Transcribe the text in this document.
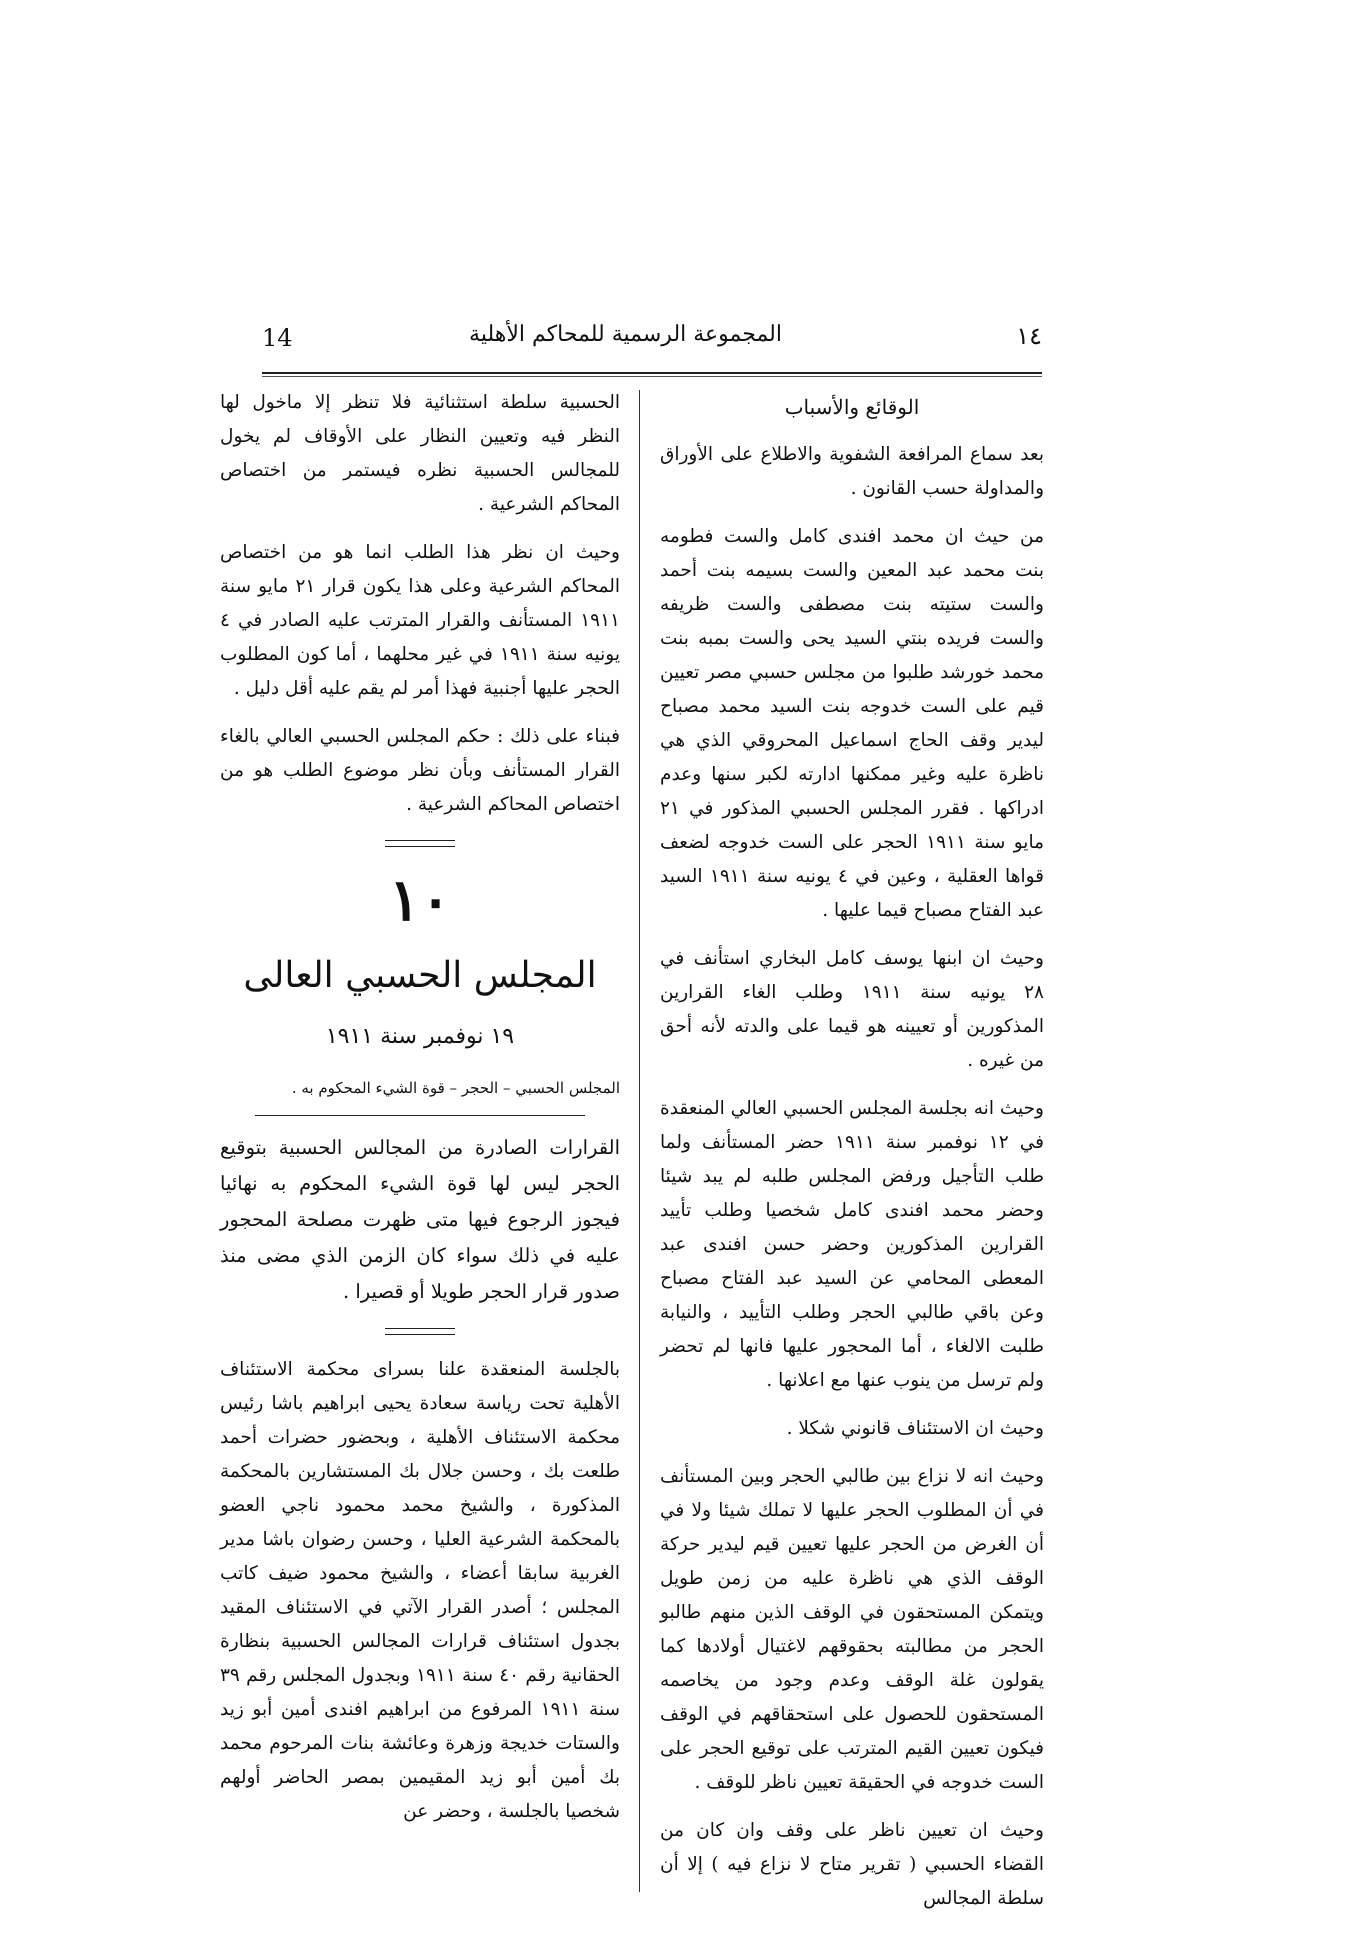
14	المجموعة الرسمية للمحاكم الأهلية	١٤

الوقائع والأسباب

بعد سماع المرافعة الشفوية والاطلاع على الأوراق والمداولة حسب القانون .

من حيث ان محمد افندى كامل والست فطومه بنت محمد عبد المعين والست بسيمه بنت أحمد والست ستيته بنت مصطفى والست ظريفه والست فريده بنتي السيد يحى والست بمبه بنت محمد خورشد طلبوا من مجلس حسبي مصر تعيين قيم على الست خدوجه بنت السيد محمد مصباح ليدير وقف الحاج اسماعيل المحروقي الذي هي ناظرة عليه وغير ممكنها ادارته لكبر سنها وعدم ادراكها . فقرر المجلس الحسبي المذكور في ٢١ مايو سنة ١٩١١ الحجر على الست خدوجه لضعف قواها العقلية ، وعين في ٤ يونيه سنة ١٩١١ السيد عبد الفتاح مصباح قيما عليها .

وحيث ان ابنها يوسف كامل البخاري استأنف في ٢٨ يونيه سنة ١٩١١ وطلب الغاء القرارين المذكورين أو تعيينه هو قيما على والدته لأنه أحق من غيره .

وحيث انه بجلسة المجلس الحسبي العالي المنعقدة في ١٢ نوفمبر سنة ١٩١١ حضر المستأنف ولما طلب التأجيل ورفض المجلس طلبه لم يبد شيئا وحضر محمد افندى كامل شخصيا وطلب تأييد القرارين المذكورين وحضر حسن افندى عبد المعطى المحامي عن السيد عبد الفتاح مصباح وعن باقي طالبي الحجر وطلب التأييد ، والنيابة طلبت الالغاء ، أما المحجور عليها فانها لم تحضر ولم ترسل من ينوب عنها مع اعلانها .

وحيث ان الاستئناف قانوني شكلا .

وحيث انه لا نزاع بين طالبي الحجر وبين المستأنف في أن المطلوب الحجر عليها لا تملك شيئا ولا في أن الغرض من الحجر عليها تعيين قيم ليدير حركة الوقف الذي هي ناظرة عليه من زمن طويل ويتمكن المستحقون في الوقف الذين منهم طالبو الحجر من مطالبته بحقوقهم لاغتيال أولادها كما يقولون غلة الوقف وعدم وجود من يخاصمه المستحقون للحصول على استحقاقهم في الوقف فيكون تعيين القيم المترتب على توقيع الحجر على الست خدوجه في الحقيقة تعيين ناظر للوقف .

وحيث ان تعيين ناظر على وقف وان كان من القضاء الحسبي ( تقرير متاح لا نزاع فيه ) إلا أن سلطة المجالس

الحسبية سلطة استثنائية فلا تنظر إلا ماخول لها النظر فيه وتعيين النظار على الأوقاف لم يخول للمجالس الحسبية نظره فيستمر من اختصاص المحاكم الشرعية .

وحيث ان نظر هذا الطلب انما هو من اختصاص المحاكم الشرعية وعلى هذا يكون قرار ٢١ مايو سنة ١٩١١ المستأنف والقرار المترتب عليه الصادر في ٤ يونيه سنة ١٩١١ في غير محلهما ، أما كون المطلوب الحجر عليها أجنبية فهذا أمر لم يقم عليه أقل دليل .

فبناء على ذلك : حكم المجلس الحسبي العالي بالغاء القرار المستأنف وبأن نظر موضوع الطلب هو من اختصاص المحاكم الشرعية .

١٠

المجلس الحسبي العالى

١٩ نوفمبر سنة ١٩١١

المجلس الحسبي – الحجر – قوة الشيء المحكوم به .

القرارات الصادرة من المجالس الحسبية بتوقيع الحجر ليس لها قوة الشيء المحكوم به نهائيا فيجوز الرجوع فيها متى ظهرت مصلحة المحجور عليه في ذلك سواء كان الزمن الذي مضى منذ صدور قرار الحجر طويلا أو قصيرا .

بالجلسة المنعقدة علنا بسراى محكمة الاستئناف الأهلية تحت رياسة سعادة يحيى ابراهيم باشا رئيس محكمة الاستئناف الأهلية ، وبحضور حضرات أحمد طلعت بك ، وحسن جلال بك المستشارين بالمحكمة المذكورة ، والشيخ محمد محمود ناجي العضو بالمحكمة الشرعية العليا ، وحسن رضوان باشا مدير الغربية سابقا أعضاء ، والشيخ محمود ضيف كاتب المجلس ؛ أصدر القرار الآتي في الاستئناف المقيد بجدول استئناف قرارات المجالس الحسبية بنظارة الحقانية رقم ٤٠ سنة ١٩١١ وبجدول المجلس رقم ٣٩ سنة ١٩١١ المرفوع من ابراهيم افندى أمين أبو زيد والستات خديجة وزهرة وعائشة بنات المرحوم محمد بك أمين أبو زيد المقيمين بمصر الحاضر أولهم شخصيا بالجلسة ، وحضر عن
